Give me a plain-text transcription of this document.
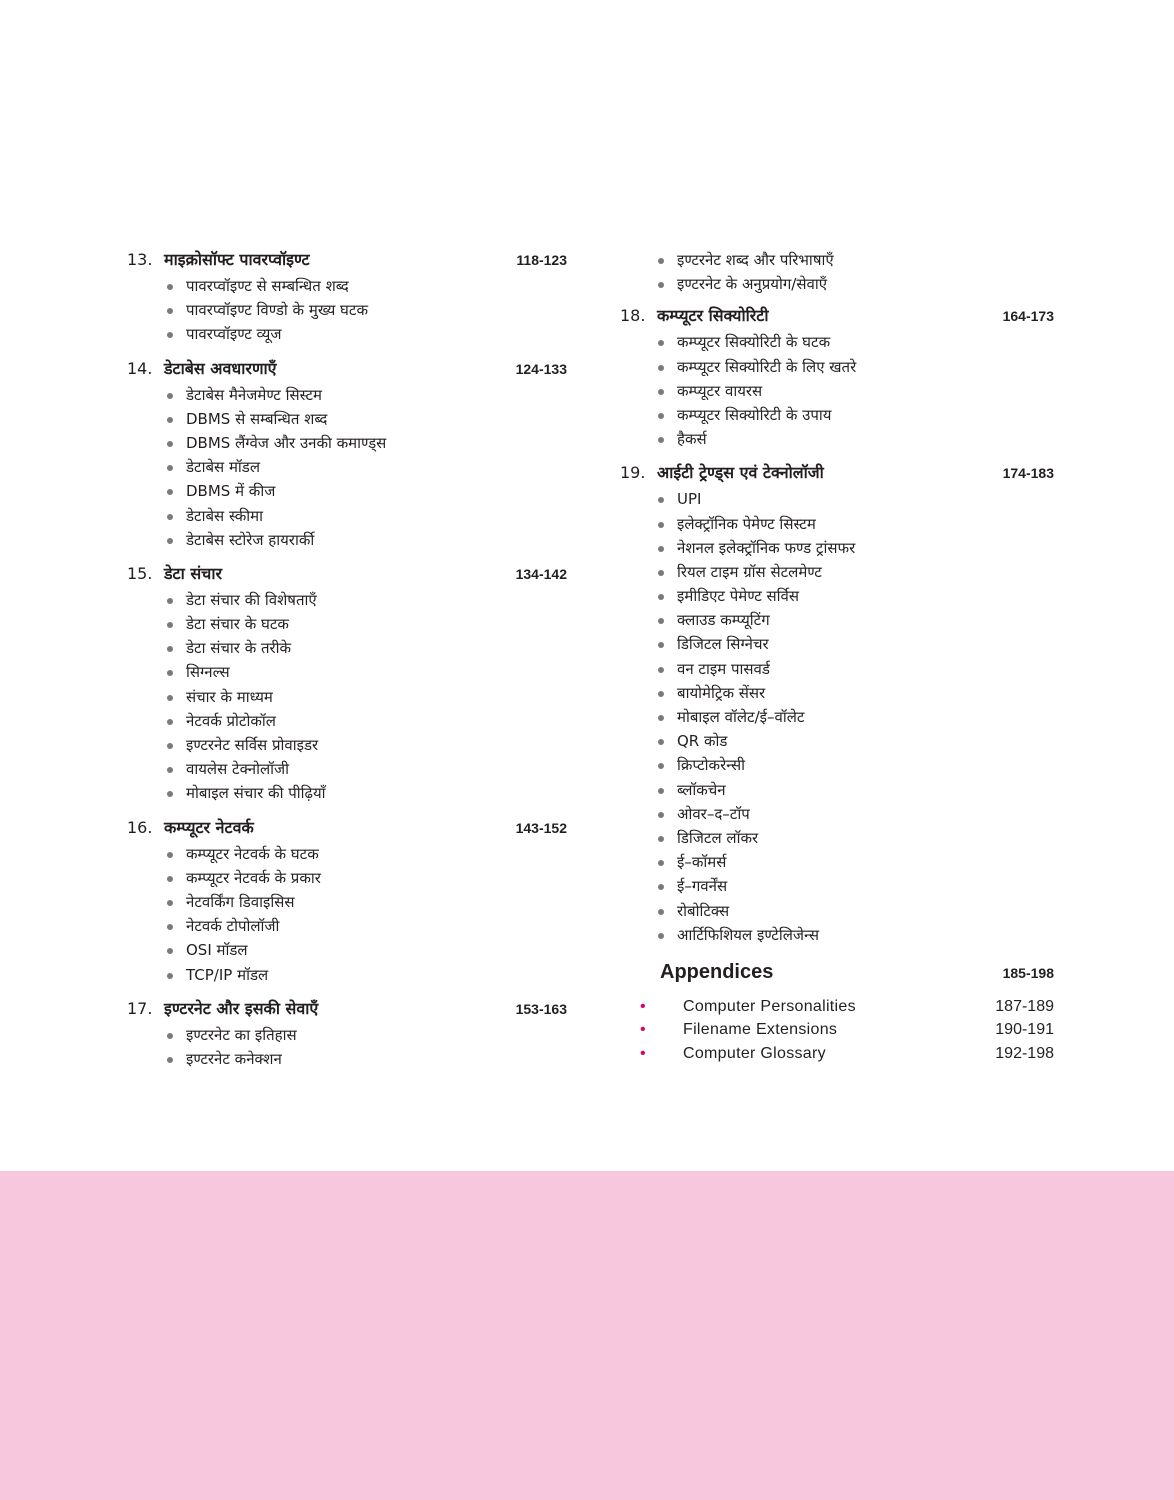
13. माइक्रोसॉफ्ट पावरप्वॉइण्ट	118-123
पावरप्वॉइण्ट से सम्बन्धित शब्द
पावरप्वॉइण्ट विण्डो के मुख्य घटक
पावरप्वॉइण्ट व्यूज
14. डेटाबेस अवधारणाएँ	124-133
डेटाबेस मैनेजमेण्ट सिस्टम
DBMS से सम्बन्धित शब्द
DBMS लैंग्वेज और उनकी कमाण्ड्स
डेटाबेस मॉडल
DBMS में कीज
डेटाबेस स्कीमा
डेटाबेस स्टोरेज हायरार्की
15. डेटा संचार	134-142
डेटा संचार की विशेषताएँ
डेटा संचार के घटक
डेटा संचार के तरीके
सिग्नल्स
संचार के माध्यम
नेटवर्क प्रोटोकॉल
इण्टरनेट सर्विस प्रोवाइडर
वायलेस टेक्नोलॉजी
मोबाइल संचार की पीढ़ियाँ
16. कम्प्यूटर नेटवर्क	143-152
कम्प्यूटर नेटवर्क के घटक
कम्प्यूटर नेटवर्क के प्रकार
नेटवर्किंग डिवाइसिस
नेटवर्क टोपोलॉजी
OSI मॉडल
TCP/IP मॉडल
17. इण्टरनेट और इसकी सेवाएँ	153-163
इण्टरनेट का इतिहास
इण्टरनेट कनेक्शन
इण्टरनेट शब्द और परिभाषाएँ
इण्टरनेट के अनुप्रयोग/सेवाएँ
18. कम्प्यूटर सिक्योरिटी	164-173
कम्प्यूटर सिक्योरिटी के घटक
कम्प्यूटर सिक्योरिटी के लिए खतरे
कम्प्यूटर वायरस
कम्प्यूटर सिक्योरिटी के उपाय
हैकर्स
19. आईटी ट्रेण्ड्स एवं टेक्नोलॉजी	174-183
UPI
इलेक्ट्रॉनिक पेमेण्ट सिस्टम
नेशनल इलेक्ट्रॉनिक फण्ड ट्रांसफर
रियल टाइम ग्रॉस सेटलमेण्ट
इमीडिएट पेमेण्ट सर्विस
क्लाउड कम्प्यूटिंग
डिजिटल सिग्नेचर
वन टाइम पासवर्ड
बायोमेट्रिक सेंसर
मोबाइल वॉलेट/ई–वॉलेट
QR कोड
क्रिप्टोकरेन्सी
ब्लॉकचेन
ओवर–द–टॉप
डिजिटल लॉकर
ई–कॉमर्स
ई–गवर्नेंस
रोबोटिक्स
आर्टिफिशियल इण्टेलिजेन्स
Appendices	185-198
•	Computer Personalities	187-189
•	Filename Extensions	190-191
•	Computer Glossary	192-198
